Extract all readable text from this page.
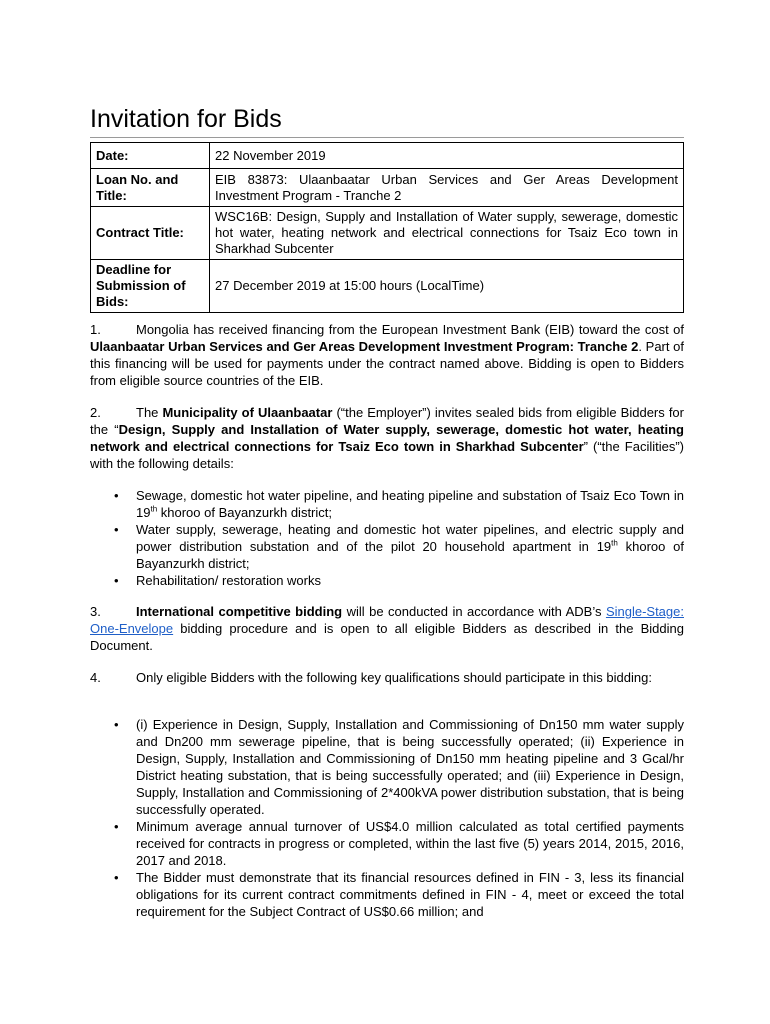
Invitation for Bids
Date:	22 November 2019
Loan No. and Title:	EIB 83873: Ulaanbaatar Urban Services and Ger Areas Development Investment Program - Tranche 2
Contract Title:	WSC16B: Design, Supply and Installation of Water supply, sewerage, domestic hot water, heating network and electrical connections for Tsaiz Eco town in Sharkhad Subcenter
Deadline for Submission of Bids:	27 December 2019 at 15:00 hours (LocalTime)

1.	Mongolia has received financing from the European Investment Bank (EIB) toward the cost of Ulaanbaatar Urban Services and Ger Areas Development Investment Program: Tranche 2. Part of this financing will be used for payments under the contract named above. Bidding is open to Bidders from eligible source countries of the EIB.

2.	The Municipality of Ulaanbaatar (“the Employer”) invites sealed bids from eligible Bidders for the “Design, Supply and Installation of Water supply, sewerage, domestic hot water, heating network and electrical connections for Tsaiz Eco town in Sharkhad Subcenter” (“the Facilities”) with the following details:

• Sewage, domestic hot water pipeline, and heating pipeline and substation of Tsaiz Eco Town in 19th khoroo of Bayanzurkh district;
• Water supply, sewerage, heating and domestic hot water pipelines, and electric supply and power distribution substation and of the pilot 20 household apartment in 19th khoroo of Bayanzurkh district;
• Rehabilitation/ restoration works

3.	International competitive bidding will be conducted in accordance with ADB’s Single-Stage: One-Envelope bidding procedure and is open to all eligible Bidders as described in the Bidding Document.

4.	Only eligible Bidders with the following key qualifications should participate in this bidding:

• (i) Experience in Design, Supply, Installation and Commissioning of Dn150 mm water supply and Dn200 mm sewerage pipeline, that is being successfully operated; (ii) Experience in Design, Supply, Installation and Commissioning of Dn150 mm heating pipeline and 3 Gcal/hr District heating substation, that is being successfully operated; and (iii) Experience in Design, Supply, Installation and Commissioning of 2*400kVA power distribution substation, that is being successfully operated.
• Minimum average annual turnover of US$4.0 million calculated as total certified payments received for contracts in progress or completed, within the last five (5) years 2014, 2015, 2016, 2017 and 2018.
• The Bidder must demonstrate that its financial resources defined in FIN - 3, less its financial obligations for its current contract commitments defined in FIN - 4, meet or exceed the total requirement for the Subject Contract of US$0.66 million; and
